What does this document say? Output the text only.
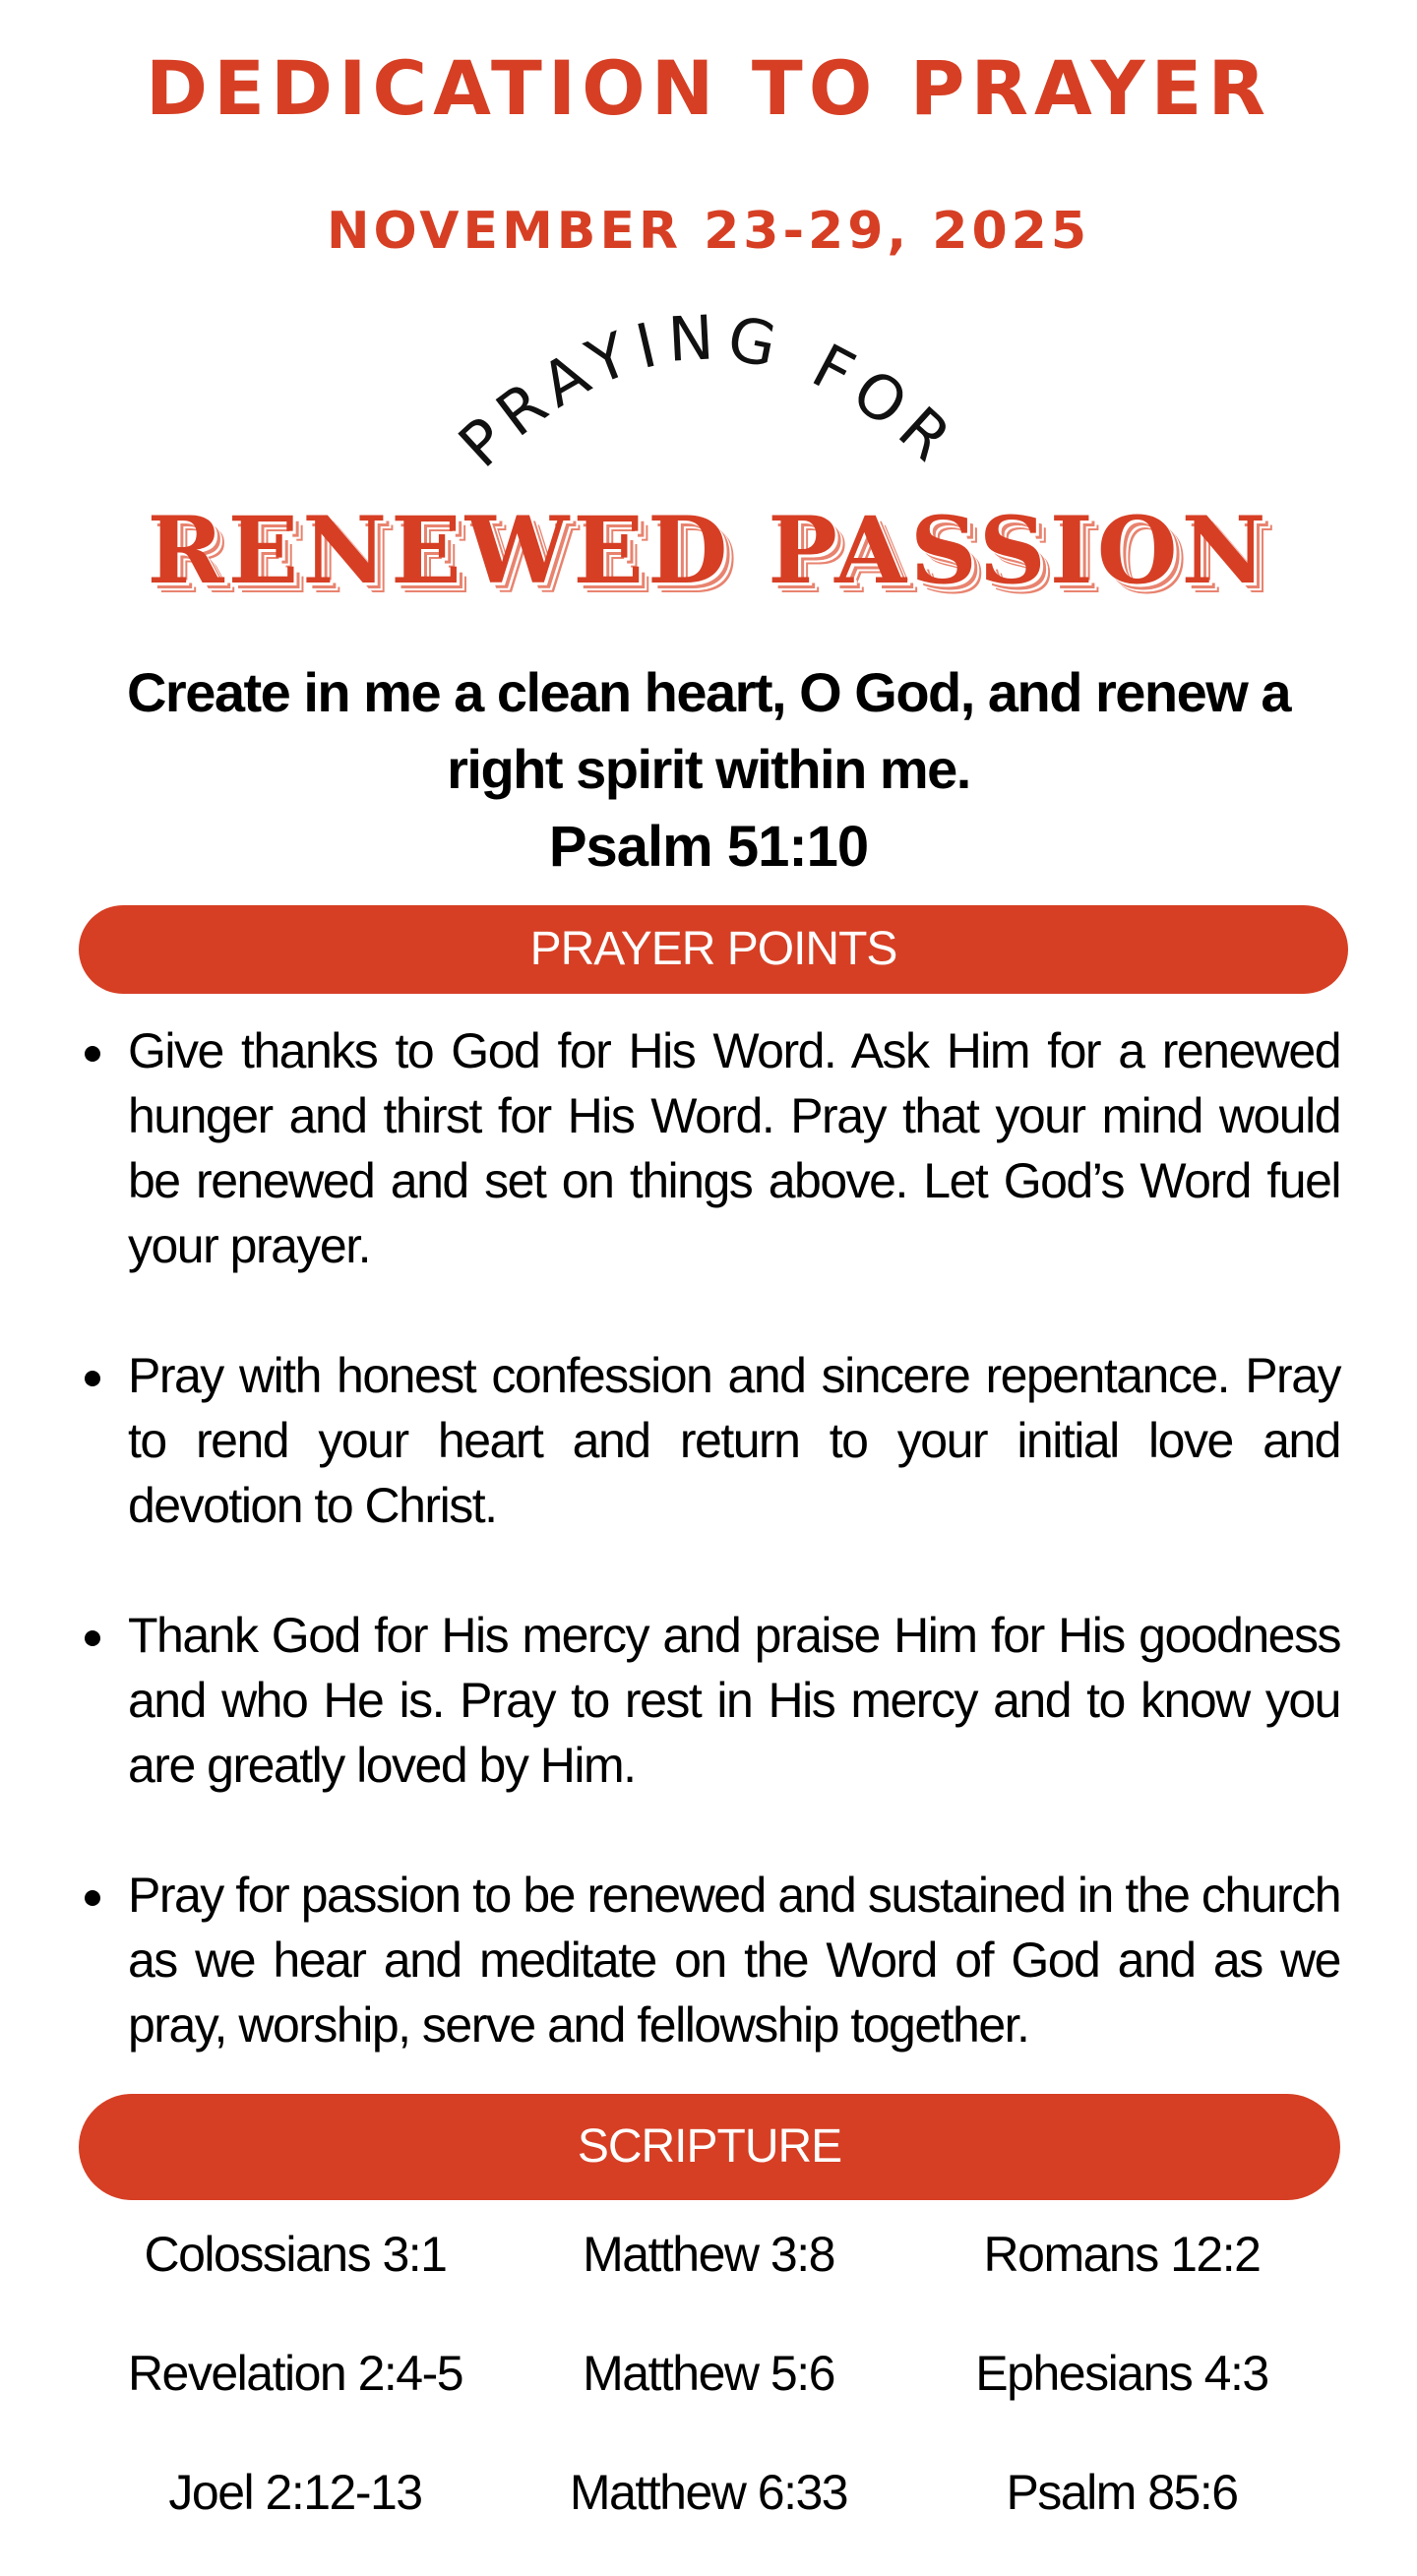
DEDICATION TO PRAYER
NOVEMBER 23-29, 2025
PRAYING FOR
RENEWED PASSION
Create in me a clean heart, O God, and renew a right spirit within me.
Psalm 51:10
PRAYER POINTS
Give thanks to God for His Word. Ask Him for a renewed hunger and thirst for His Word. Pray that your mind would be renewed and set on things above. Let God’s Word fuel your prayer.
Pray with honest confession and sincere repentance. Pray to rend your heart and return to your initial love and devotion to Christ.
Thank God for His mercy and praise Him for His goodness and who He is. Pray to rest in His mercy and to know you are greatly loved by Him.
Pray for passion to be renewed and sustained in the church as we hear and meditate on the Word of God and as we pray, worship, serve and fellowship together.
SCRIPTURE
Colossians 3:1	Matthew 3:8	Romans 12:2
Revelation 2:4-5	Matthew 5:6	Ephesians 4:3
Joel 2:12-13	Matthew 6:33	Psalm 85:6
